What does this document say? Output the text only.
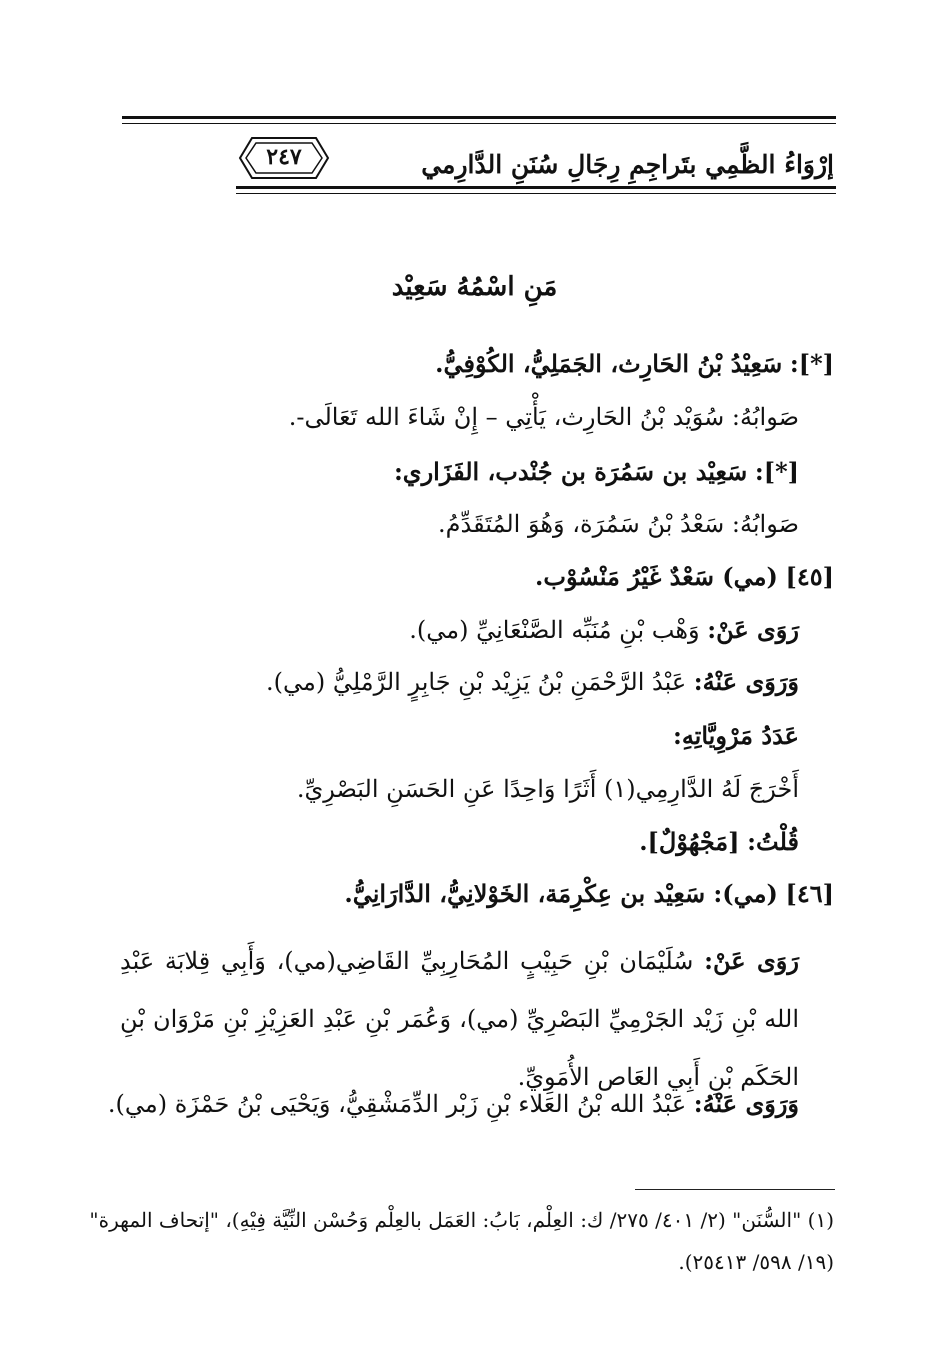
إرْوَاءُ الظَّمِي بتَراجِمِ رِجَالِ سُنَنِ الدَّارِمي
٢٤٧
مَنِ اسْمُهُ سَعِيْد
[*]: سَعِيْدُ بْنُ الحَارِث، الجَمَلِيُّ، الكُوْفِيُّ.
صَوابُهُ: سُوَيْد بْنُ الحَارِث، يَأْتِي – إِنْ شَاءَ الله تَعَالَى-.
[*]: سَعِيْد بن سَمُرَة بن جُنْدب، الفَزَاري:
صَوابُهُ: سَعْدُ بْنُ سَمُرَة، وَهُوَ المُتَقَدِّمُ.
[٤٥] (مي) سَعْدٌ غَيْرُ مَنْسُوْب.
رَوَى عَنْ: وَهْب بْنِ مُنَبِّه الصَّنْعَانِيِّ (مي).
وَرَوَى عَنْهُ: عَبْدُ الرَّحْمَنِ بْنُ يَزِيْد بْنِ جَابِرٍ الرَّمْلِيُّ (مي).
عَدَدُ مَرْوِيَّاتِهِ:
أَخْرَجَ لَهُ الدَّارِمِي(١) أَثَرًا وَاحِدًا عَنِ الحَسَنِ البَصْرِيِّ.
قُلْتُ: [مَجْهُوْلٌ].
[٤٦] (مي): سَعِيْد بن عِكْرِمَة، الخَوْلانِيُّ، الدَّارَانِيُّ.
رَوَى عَنْ: سُلَيْمَان بْنِ حَبِيْبٍ المُحَارِبِيِّ القَاضِي(مي)، وَأَبِي قِلابَة عَبْدِ الله بْنِ زَيْد الجَرْمِيِّ البَصْرِيِّ (مي)، وَعُمَر بْنِ عَبْدِ العَزِيْزِ بْنِ مَرْوَان بْنِ الحَكَم بْنِ أَبِي العَاص الأُمَوِيِّ.
وَرَوَى عَنْهُ: عَبْدُ الله بْنُ العَلاء بْنِ زَبْر الدِّمَشْقِيُّ، وَيَحْيَى بْنُ حَمْزَة (مي).
(١) "السُّنَن" (٢/ ٤٠١/ ٢٧٥/ ك: العِلْم، بَابُ: العَمَل بالعِلْم وَحُسْن النِّيَّة فِيْهِ)، "إتحاف المهرة"
(١٩/ ٥٩٨/ ٢٥٤١٣).
